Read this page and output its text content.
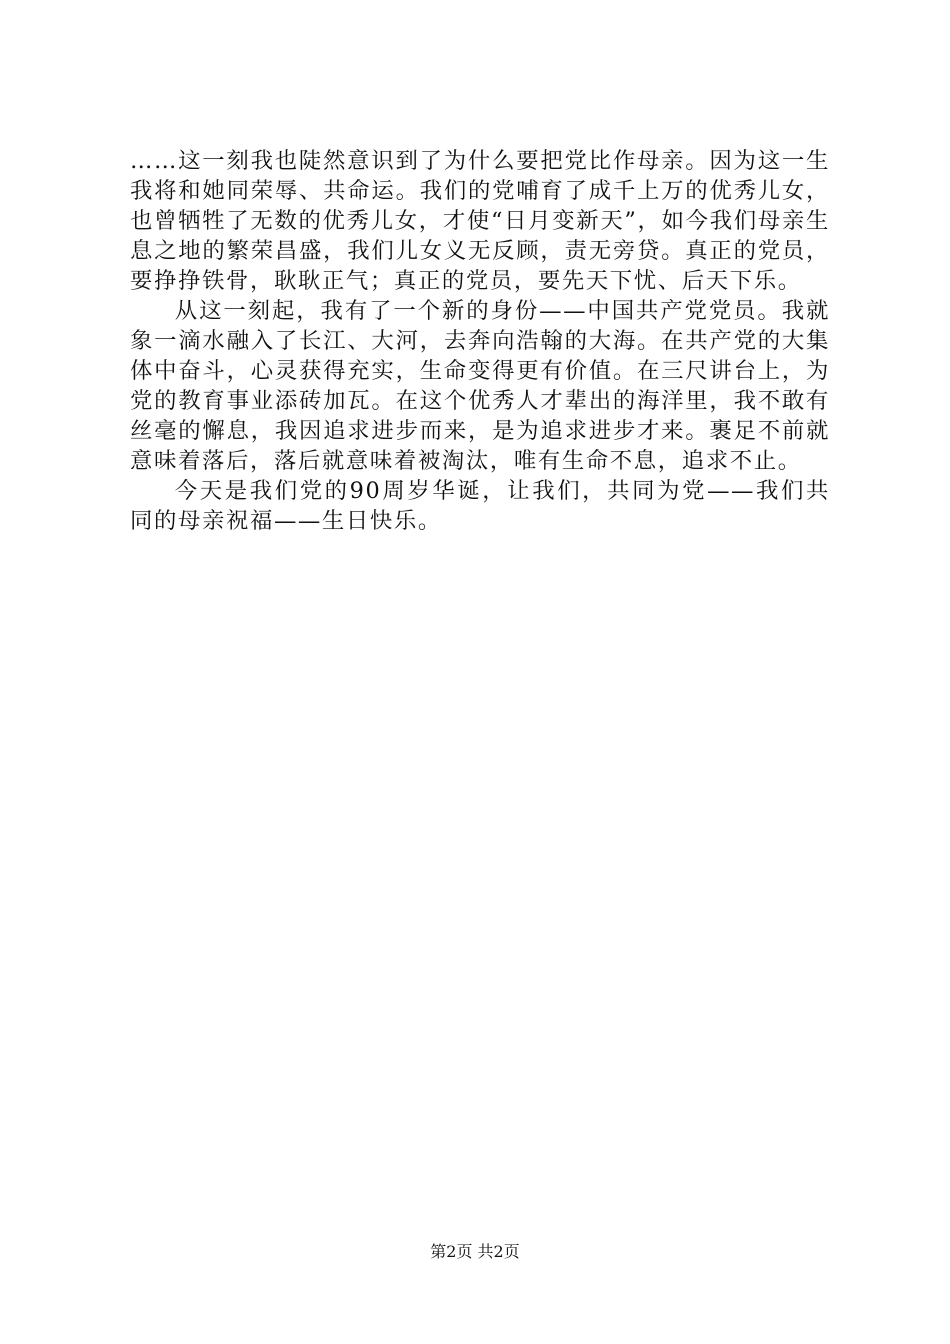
……这一刻我也陡然意识到了为什么要把党比作母亲。因为这一生我将和她同荣辱、共命运。我们的党哺育了成千上万的优秀儿女，也曾牺牲了无数的优秀儿女，才使“日月变新天”，如今我们母亲生息之地的繁荣昌盛，我们儿女义无反顾，责无旁贷。真正的党员，要挣挣铁骨，耿耿正气；真正的党员，要先天下忧、后天下乐。

从这一刻起，我有了一个新的身份——中国共产党党员。我就象一滴水融入了长江、大河，去奔向浩翰的大海。在共产党的大集体中奋斗，心灵获得充实，生命变得更有价值。在三尺讲台上，为党的教育事业添砖加瓦。在这个优秀人才辈出的海洋里，我不敢有丝毫的懈息，我因追求进步而来，是为追求进步才来。裹足不前就意味着落后，落后就意味着被淘汰，唯有生命不息，追求不止。

今天是我们党的90周岁华诞，让我们，共同为党——我们共同的母亲祝福——生日快乐。

第2页 共2页
